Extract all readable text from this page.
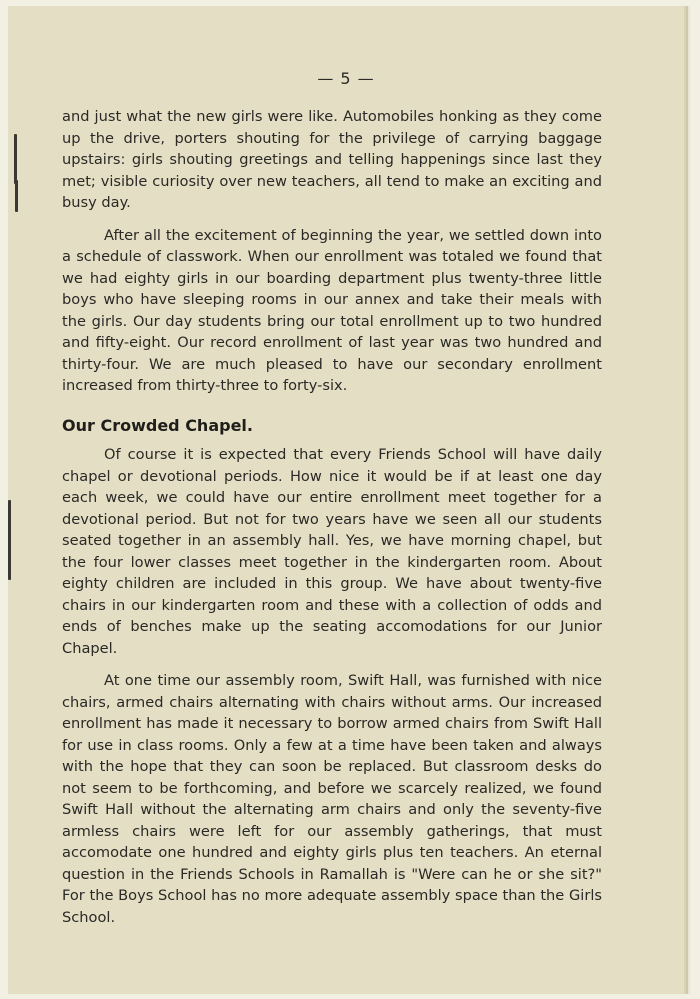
— 5 —

and just what the new girls were like. Automobiles honking as they come up the drive, porters shouting for the privilege of carrying baggage upstairs: girls shouting greetings and telling happenings since last they met; visible curiosity over new teachers, all tend to make an exciting and busy day.

After all the excitement of beginning the year, we settled down into a schedule of classwork. When our enrollment was totaled we found that we had eighty girls in our boarding department plus twenty-three little boys who have sleeping rooms in our annex and take their meals with the girls. Our day students bring our total enrollment up to two hundred and fifty-eight. Our record enrollment of last year was two hundred and thirty-four. We are much pleased to have our secondary enrollment increased from thirty-three to forty-six.

Our Crowded Chapel.

Of course it is expected that every Friends School will have daily chapel or devotional periods. How nice it would be if at least one day each week, we could have our entire enrollment meet together for a devotional period. But not for two years have we seen all our students seated together in an assembly hall. Yes, we have morning chapel, but the four lower classes meet together in the kindergarten room. About eighty children are included in this group. We have about twenty-five chairs in our kindergarten room and these with a collection of odds and ends of benches make up the seating accomodations for our Junior Chapel.

At one time our assembly room, Swift Hall, was furnished with nice chairs, armed chairs alternating with chairs without arms. Our increased enrollment has made it necessary to borrow armed chairs from Swift Hall for use in class rooms. Only a few at a time have been taken and always with the hope that they can soon be replaced. But classroom desks do not seem to be forthcoming, and before we scarcely realized, we found Swift Hall without the alternating arm chairs and only the seventy-five armless chairs were left for our assembly gatherings, that must accomodate one hundred and eighty girls plus ten teachers. An eternal question in the Friends Schools in Ramallah is "Were can he or she sit?" For the Boys School has no more adequate assembly space than the Girls School.
